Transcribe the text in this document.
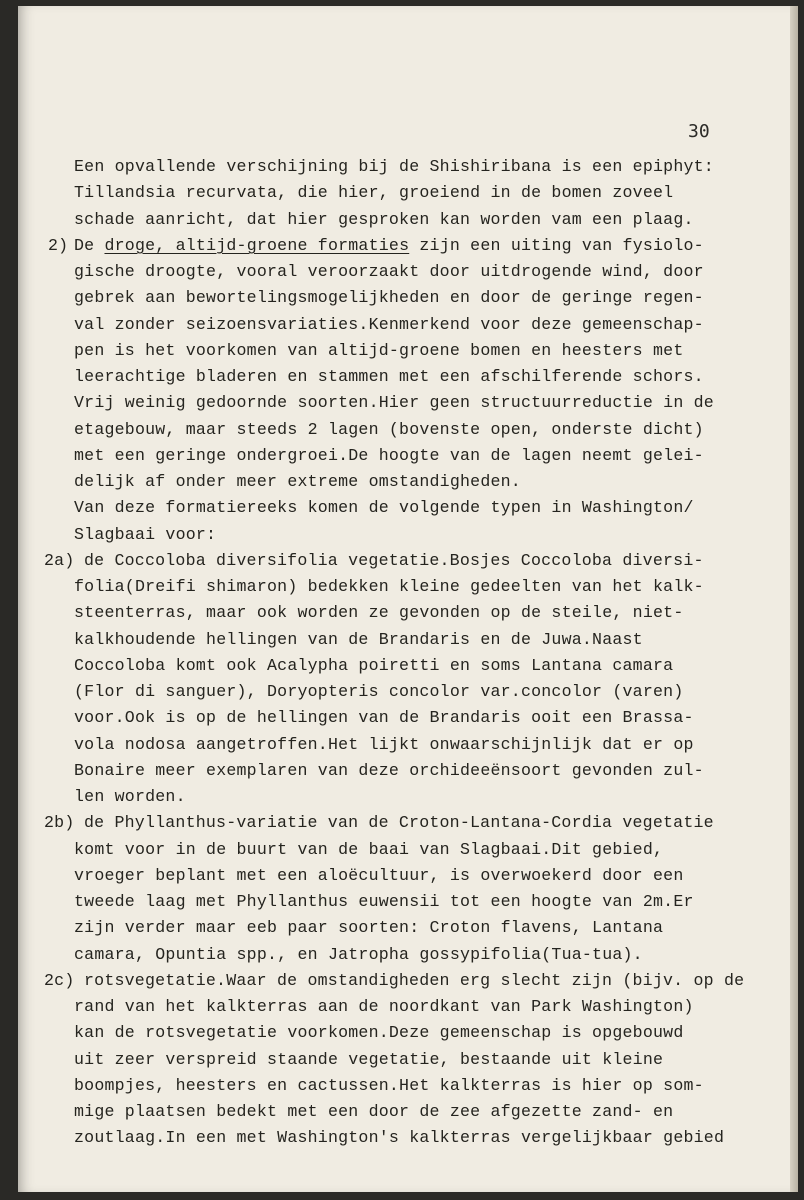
30
Een opvallende verschijning bij de Shishiribana is een epiphyt:
Tillandsia recurvata, die hier, groeiend in de bomen zoveel
schade aanricht, dat hier gesproken kan worden vam een plaag.
2) De droge, altijd-groene formaties zijn een uiting van fysiolo-
gische droogte, vooral veroorzaakt door uitdrogende wind, door
gebrek aan bewortelingsmogelijkheden en door de geringe regen-
val zonder seizoensvariaties.Kenmerkend voor deze gemeenschap-
pen is het voorkomen van altijd-groene bomen en heesters met
leerachtige bladeren en stammen met een afschilferende schors.
Vrij weinig gedoornde soorten.Hier geen structuurreductie in de
etagebouw, maar steeds 2 lagen (bovenste open, onderste dicht)
met een geringe ondergroei.De hoogte van de lagen neemt gelei-
delijk af onder meer extreme omstandigheden.
Van deze formatiereeks komen de volgende typen in Washington/
Slagbaai voor:
2a) de Coccoloba diversifolia vegetatie.Bosjes Coccoloba diversi-
folia(Dreifi shimaron) bedekken kleine gedeelten van het kalk-
steenterras, maar ook worden ze gevonden op de steile, niet-
kalkhoudende hellingen van de Brandaris en de Juwa.Naast
Coccoloba komt ook Acalypha poiretti en soms Lantana camara
(Flor di sanguer), Doryopteris concolor var.concolor (varen)
voor.Ook is op de hellingen van de Brandaris ooit een Brassa-
vola nodosa aangetroffen.Het lijkt onwaarschijnlijk dat er op
Bonaire meer exemplaren van deze orchideeënsoort gevonden zul-
len worden.
2b) de Phyllanthus-variatie van de Croton-Lantana-Cordia vegetatie
komt voor in de buurt van de baai van Slagbaai.Dit gebied,
vroeger beplant met een aloëcultuur, is overwoekerd door een
tweede laag met Phyllanthus euwensii tot een hoogte van 2m.Er
zijn verder maar eeb paar soorten: Croton flavens, Lantana
camara, Opuntia spp., en Jatropha gossypifolia(Tua-tua).
2c) rotsvegetatie.Waar de omstandigheden erg slecht zijn (bijv. op de
rand van het kalkterras aan de noordkant van Park Washington)
kan de rotsvegetatie voorkomen.Deze gemeenschap is opgebouwd
uit zeer verspreid staande vegetatie, bestaande uit kleine
boompjes, heesters en cactussen.Het kalkterras is hier op som-
mige plaatsen bedekt met een door de zee afgezette zand- en
zoutlaag.In een met Washington's kalkterras vergelijkbaar gebied
